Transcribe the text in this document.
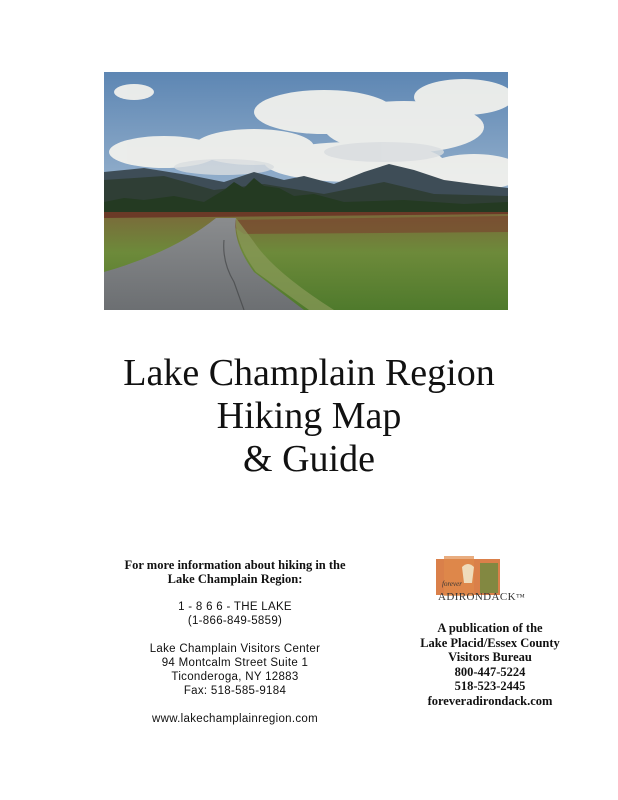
Lake Champlain Region
Hiking Map
& Guide
For more information about hiking in the
Lake Champlain Region:
1 - 8 6 6 - THE LAKE
(1-866-849-5859)
Lake Champlain Visitors Center
94 Montcalm Street Suite 1
Ticonderoga, NY 12883
Fax: 518-585-9184
www.lakechamplainregion.com
forever
ADIRONDACK™
A publication of the
Lake Placid/Essex County
Visitors Bureau
800-447-5224
518-523-2445
foreveradirondack.com
